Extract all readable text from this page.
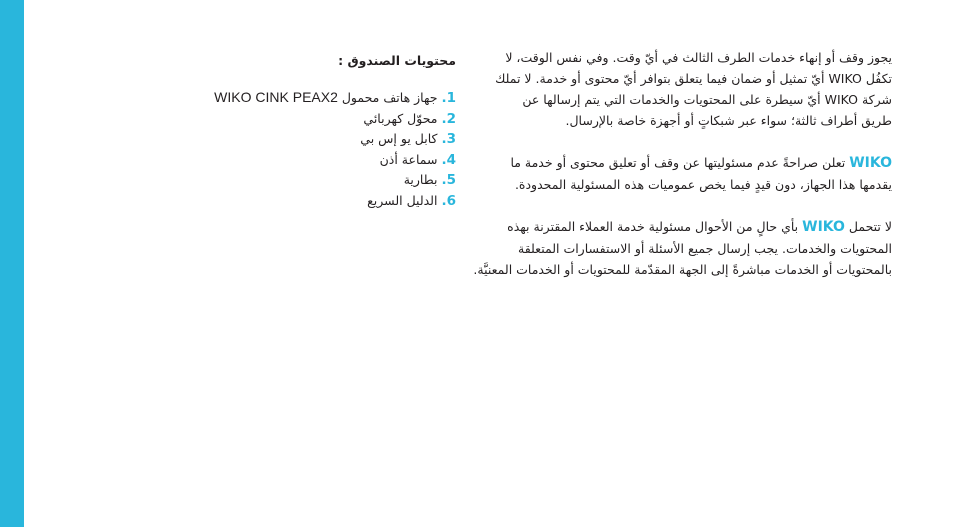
يجوز وقف أو إنهاء خدمات الطرف الثالث في أيّ وقت. وفي نفس الوقت، لا
تكفُل WIKO أيّ تمثيل أو ضمان فيما يتعلق بتوافر أيّ محتوى أو خدمة. لا تملك
شركة WIKO أيّ سيطرة على المحتويات والخدمات التي يتم إرسالها عن
طريق أطراف ثالثة؛ سواء عبر شبكاتٍ أو أجهزة خاصة بالإرسال.

WIKO تعلن صراحةً عدم مسئوليتها عن وقف أو تعليق محتوى أو خدمة ما
يقدمها هذا الجهاز، دون قيدٍ فيما يخص عموميات هذه المسئولية المحدودة.

لا تتحمل WIKO بأي حالٍ من الأحوال مسئولية خدمة العملاء المقترنة بهذه
المحتويات والخدمات. يجب إرسال جميع الأسئلة أو الاستفسارات المتعلقة
بالمحتويات أو الخدمات مباشرةً إلى الجهة المقدّمة للمحتويات أو الخدمات المعنيَّة.

محتويات الصندوق :
1. جهاز هاتف محمول WIKO CINK PEAX2
2. محوّل كهربائي
3. كابل يو إس بي
4. سماعة أذن
5. بطارية
6. الدليل السريع
